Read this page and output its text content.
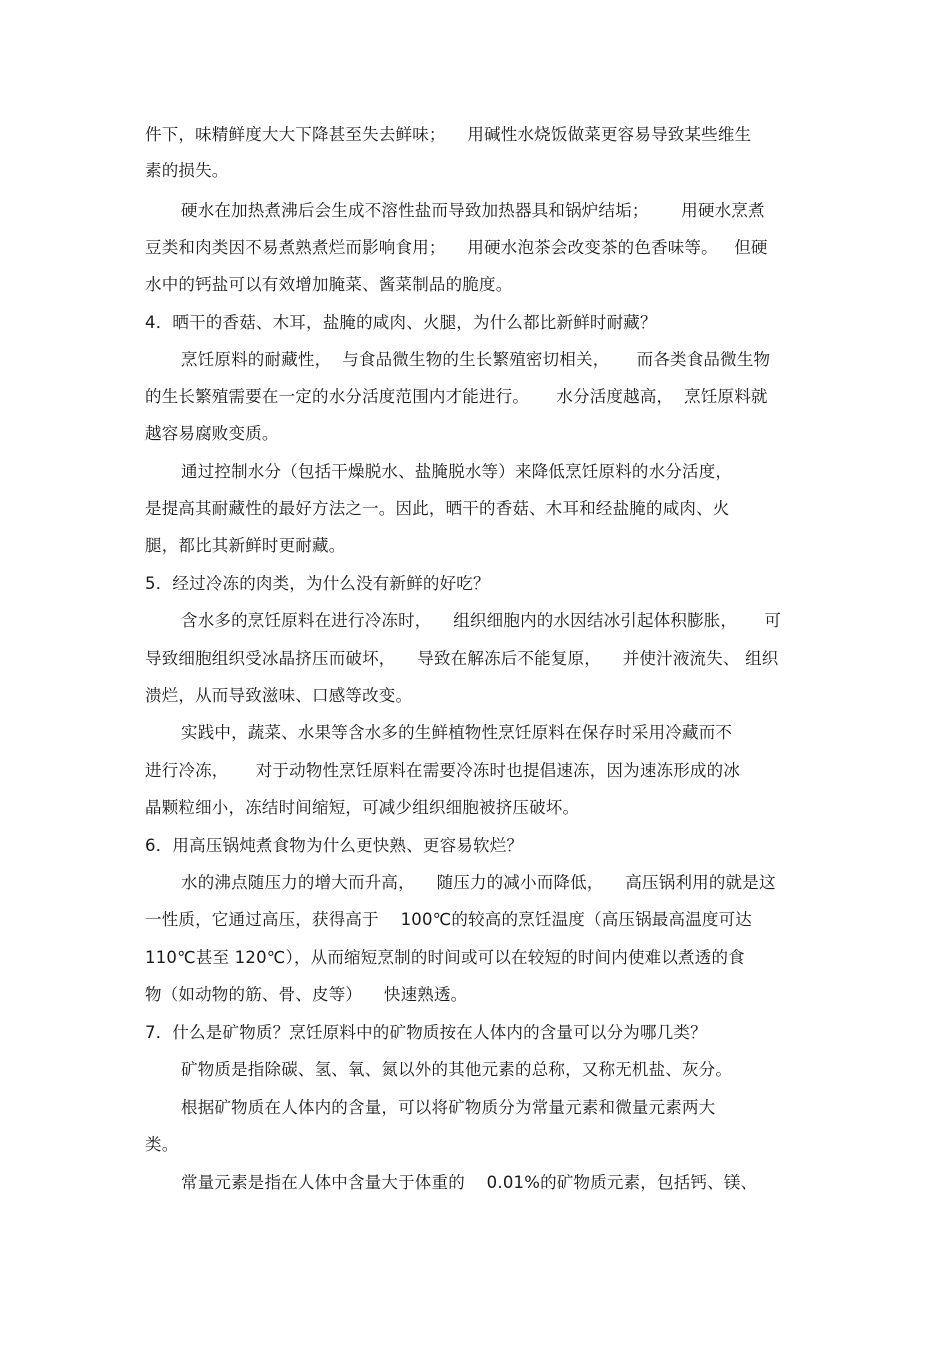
件下，味精鲜度大大下降甚至失去鲜味；    用碱性水烧饭做菜更容易导致某些维生
素的损失。
硬水在加热煮沸后会生成不溶性盐而导致加热器具和锅炉结垢；      用硬水烹煮
豆类和肉类因不易煮熟煮烂而影响食用；    用硬水泡茶会改变茶的色香味等。   但硬
水中的钙盐可以有效增加腌菜、酱菜制品的脆度。
4．晒干的香菇、木耳，盐腌的咸肉、火腿，为什么都比新鲜时耐藏？
烹饪原料的耐藏性，  与食品微生物的生长繁殖密切相关，     而各类食品微生物
的生长繁殖需要在一定的水分活度范围内才能进行。     水分活度越高，  烹饪原料就
越容易腐败变质。
通过控制水分（包括干燥脱水、盐腌脱水等）来降低烹饪原料的水分活度，
是提高其耐藏性的最好方法之一。因此，晒干的香菇、木耳和经盐腌的咸肉、火
腿，都比其新鲜时更耐藏。
5．经过冷冻的肉类，为什么没有新鲜的好吃？
含水多的烹饪原料在进行冷冻时，    组织细胞内的水因结冰引起体积膨胀，     可
导致细胞组织受冰晶挤压而破坏，    导致在解冻后不能复原，    并使汁液流失、 组织
溃烂，从而导致滋味、口感等改变。
实践中，蔬菜、水果等含水多的生鲜植物性烹饪原料在保存时采用冷藏而不
进行冷冻，     对于动物性烹饪原料在需要冷冻时也提倡速冻，因为速冻形成的冰
晶颗粒细小，冻结时间缩短，可减少组织细胞被挤压破坏。
6．用高压锅炖煮食物为什么更快熟、更容易软烂？
水的沸点随压力的增大而升高，    随压力的减小而降低，    高压锅利用的就是这
一性质，它通过高压，获得高于    100℃的较高的烹饪温度（高压锅最高温度可达
110℃甚至 120℃），从而缩短烹制的时间或可以在较短的时间内使难以煮透的食
物（如动物的筋、骨、皮等）    快速熟透。
7．什么是矿物质？烹饪原料中的矿物质按在人体内的含量可以分为哪几类？
矿物质是指除碳、氢、氧、氮以外的其他元素的总称，又称无机盐、灰分。
根据矿物质在人体内的含量，可以将矿物质分为常量元素和微量元素两大
类。
常量元素是指在人体中含量大于体重的    0.01%的矿物质元素，包括钙、镁、
